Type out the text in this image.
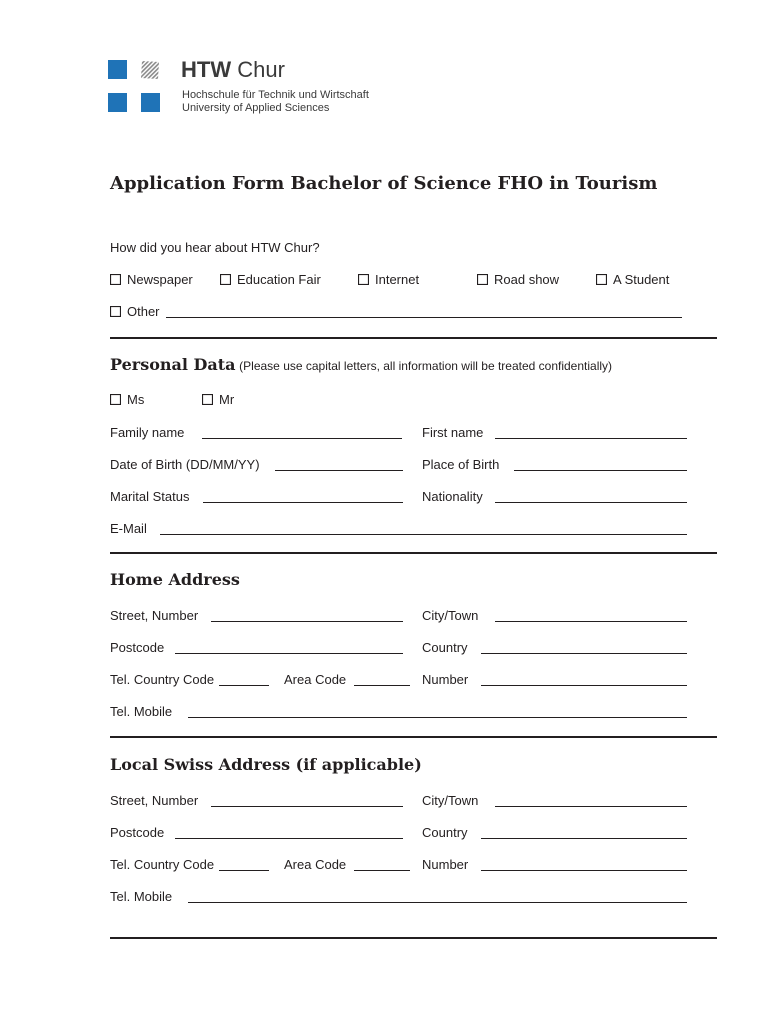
HTW Chur
Hochschule für Technik und Wirtschaft
University of Applied Sciences
Application Form Bachelor of Science FHO in Tourism
How did you hear about HTW Chur?
Newspaper	Education Fair	Internet	Road show	A Student
Other
Personal Data (Please use capital letters, all information will be treated confidentially)
Ms	Mr
Family name	First name
Date of Birth (DD/MM/YY)	Place of Birth
Marital Status	Nationality
E-Mail
Home Address
Street, Number	City/Town
Postcode	Country
Tel. Country Code	Area Code	Number
Tel. Mobile
Local Swiss Address (if applicable)
Street, Number	City/Town
Postcode	Country
Tel. Country Code	Area Code	Number
Tel. Mobile
